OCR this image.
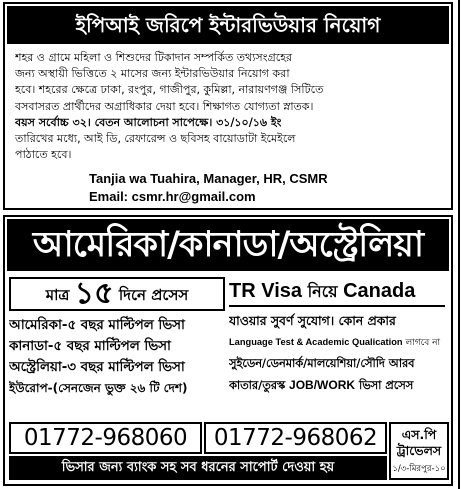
ইপিআই জরিপে ইন্টারভিউয়ার নিয়োগ
শহর ও গ্রামে মহিলা ও শিশুদের টিকাদান সম্পর্কিত তথ্যসংগ্রহের
জন্য অস্থায়ী ভিত্তিতে ২ মাসের জন্য ইন্টারভিউয়ার নিয়োগ করা
হবে। শহরের ক্ষেত্রে ঢাকা, রংপুর, গাজীপুর, কুমিল্লা, নারায়ণগঞ্জ সিটিতে
বসবাসরত প্রার্থীদের অগ্রাধিকার দেয়া হবে। শিক্ষাগত যোগ্যতা স্নাতক।
বয়স সর্বোচ্চ ৩২। বেতন আলোচনা সাপেক্ষে। ৩১/১০/১৬ ইং
তারিখের মধ্যে, আই ডি, রেফারেন্স ও ছবিসহ বায়োডাটা ইমেইলে
পাঠাতে হবে।
Tanjia wa Tuahira, Manager, HR, CSMR
Email: csmr.hr@gmail.com
আমেরিকা/কানাডা/অস্ট্রেলিয়া
মাত্র ১৫ দিনে প্রসেস
আমেরিকা-৫ বছর মাল্টিপল ভিসা
কানাডা-৫ বছর মাল্টিপল ভিসা
অস্ট্রেলিয়া-৩ বছর মাল্টিপল ভিসা
ইউরোপ-(সেনজেন ভুক্ত ২৬ টি দেশ)
TR Visa নিয়ে Canada
যাওয়ার সুবর্ণ সুযোগ। কোন প্রকার
Language Test & Academic Qualication লাগবে না
সুইডেন/ডেনমার্ক/মালয়েশিয়া/সৌদি আরব
কাতার/তুরস্ক JOB/WORK ভিসা প্রসেস
01772-968060	01772-968062	এস.পি ট্রাভেলস
১/৩-মিরপুর-১০
ভিসার জন্য ব্যাংক সহ সব ধরনের সাপোর্ট দেওয়া হয়
